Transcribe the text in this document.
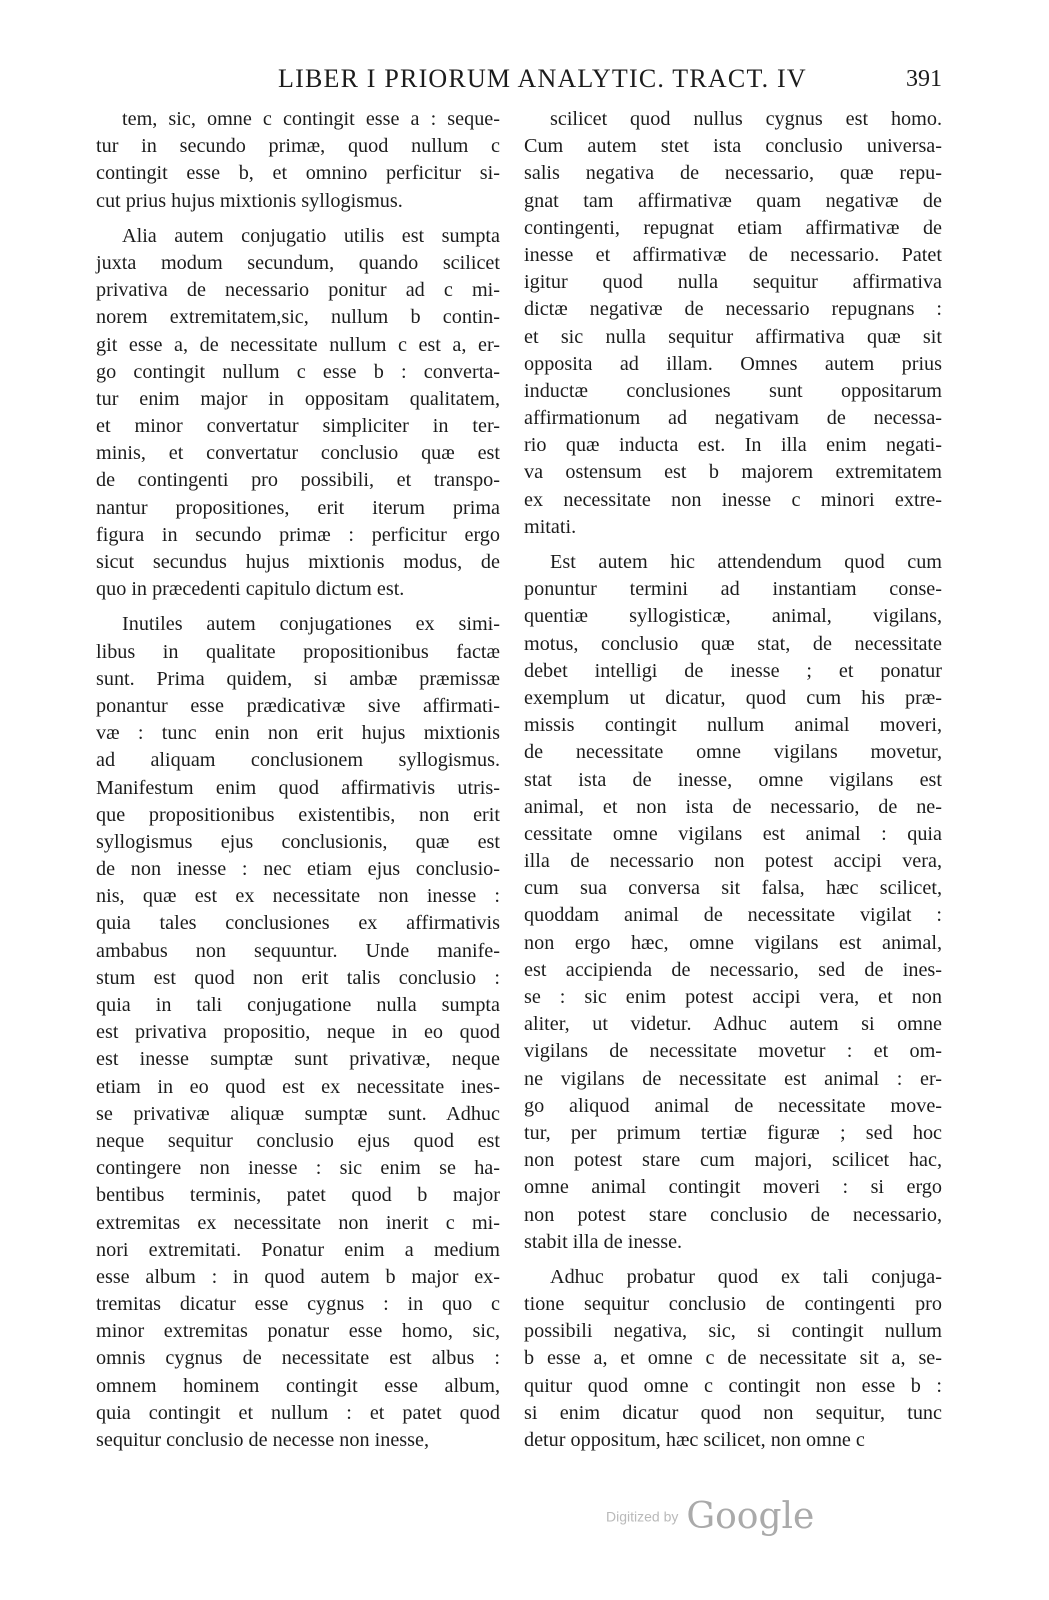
LIBER I PRIORUM ANALYTIC. TRACT. IV	391
tem, sic, omne c contingit esse a : seque-
tur in secundo primæ, quod nullum c
contingit esse b, et omnino perficitur si-
cut prius hujus mixtionis syllogismus.
Alia autem conjugatio utilis est sumpta
juxta modum secundum, quando scilicet
privativa de necessario ponitur ad c mi-
norem extremitatem,sic, nullum b contin-
git esse a, de necessitate nullum c est a, er-
go contingit nullum c esse b : converta-
tur enim major in oppositam qualitatem,
et minor convertatur simpliciter in ter-
minis, et convertatur conclusio quæ est
de contingenti pro possibili, et transpo-
nantur propositiones, erit iterum prima
figura in secundo primæ : perficitur ergo
sicut secundus hujus mixtionis modus, de
quo in præcedenti capitulo dictum est.
Inutiles autem conjugationes ex simi-
libus in qualitate propositionibus factæ
sunt. Prima quidem, si ambæ præmissæ
ponantur esse prædicativæ sive affirmati-
væ : tunc enin non erit hujus mixtionis
ad aliquam conclusionem syllogismus.
Manifestum enim quod affirmativis utris-
que propositionibus existentibis, non erit
syllogismus ejus conclusionis, quæ est
de non inesse : nec etiam ejus conclusio-
nis, quæ est ex necessitate non inesse :
quia tales conclusiones ex affirmativis
ambabus non sequuntur. Unde manife-
stum est quod non erit talis conclusio :
quia in tali conjugatione nulla sumpta
est privativa propositio, neque in eo quod
est inesse sumptæ sunt privativæ, neque
etiam in eo quod est ex necessitate ines-
se privativæ aliquæ sumptæ sunt. Adhuc
neque sequitur conclusio ejus quod est
contingere non inesse : sic enim se ha-
bentibus terminis, patet quod b major
extremitas ex necessitate non inerit c mi-
nori extremitati. Ponatur enim a medium
esse album : in quod autem b major ex-
tremitas dicatur esse cygnus : in quo c
minor extremitas ponatur esse homo, sic,
omnis cygnus de necessitate est albus :
omnem hominem contingit esse album,
quia contingit et nullum : et patet quod
sequitur conclusio de necesse non inesse,
scilicet quod nullus cygnus est homo.
Cum autem stet ista conclusio universa-
salis negativa de necessario, quæ repu-
gnat tam affirmativæ quam negativæ de
contingenti, repugnat etiam affirmativæ de
inesse et affirmativæ de necessario. Patet
igitur quod nulla sequitur affirmativa
dictæ negativæ de necessario repugnans :
et sic nulla sequitur affirmativa quæ sit
opposita ad illam. Omnes autem prius
inductæ conclusiones sunt oppositarum
affirmationum ad negativam de necessa-
rio quæ inducta est. In illa enim negati-
va ostensum est b majorem extremitatem
ex necessitate non inesse c minori extre-
mitati.
Est autem hic attendendum quod cum
ponuntur termini ad instantiam conse-
quentiæ syllogisticæ, animal, vigilans,
motus, conclusio quæ stat, de necessitate
debet intelligi de inesse ; et ponatur
exemplum ut dicatur, quod cum his præ-
missis contingit nullum animal moveri,
de necessitate omne vigilans movetur,
stat ista de inesse, omne vigilans est
animal, et non ista de necessario, de ne-
cessitate omne vigilans est animal : quia
illa de necessario non potest accipi vera,
cum sua conversa sit falsa, hæc scilicet,
quoddam animal de necessitate vigilat :
non ergo hæc, omne vigilans est animal,
est accipienda de necessario, sed de ines-
se : sic enim potest accipi vera, et non
aliter, ut videtur. Adhuc autem si omne
vigilans de necessitate movetur : et om-
ne vigilans de necessitate est animal : er-
go aliquod animal de necessitate move-
tur, per primum tertiæ figuræ ; sed hoc
non potest stare cum majori, scilicet hac,
omne animal contingit moveri : si ergo
non potest stare conclusio de necessario,
stabit illa de inesse.
Adhuc probatur quod ex tali conjuga-
tione sequitur conclusio de contingenti pro
possibili negativa, sic, si contingit nullum
b esse a, et omne c de necessitate sit a, se-
quitur quod omne c contingit non esse b :
si enim dicatur quod non sequitur, tunc
detur oppositum, hæc scilicet, non omne c
Digitized by Google
